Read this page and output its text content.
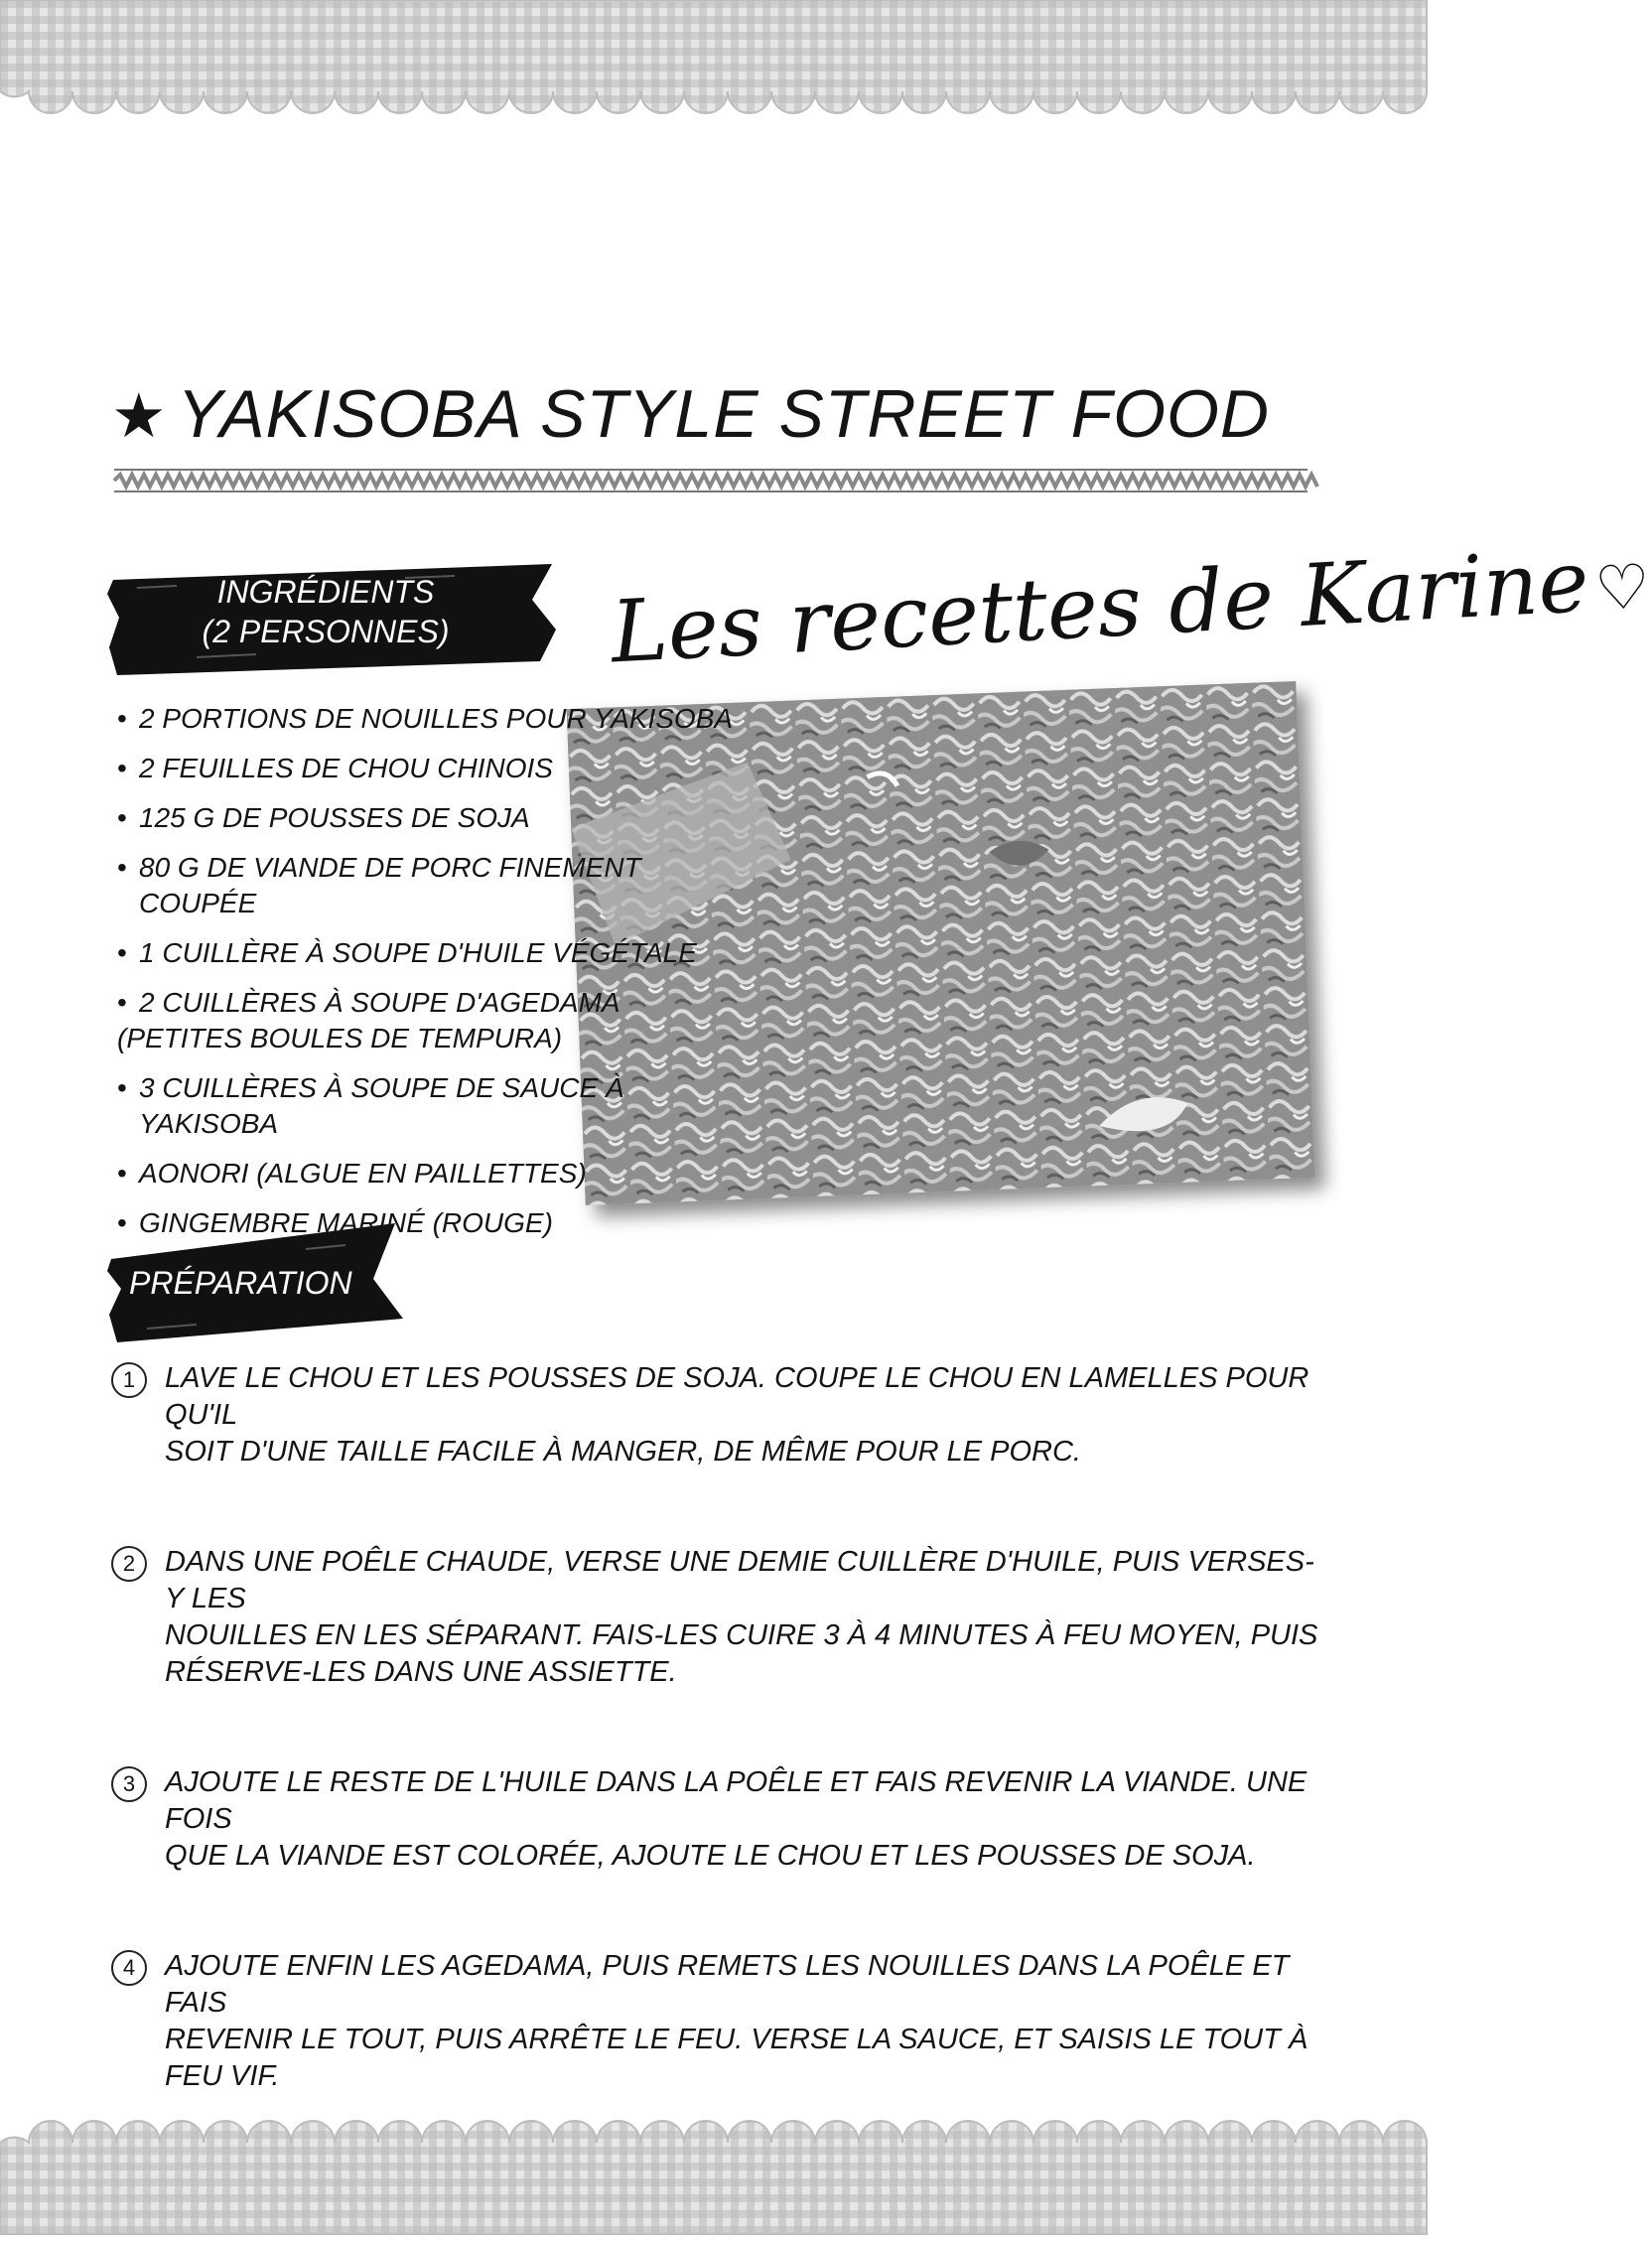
★ YAKISOBA STYLE STREET FOOD
Les recettes de Karine♡
INGRÉDIENTS
(2 PERSONNES)
• 2 PORTIONS DE NOUILLES POUR YAKISOBA
• 2 FEUILLES DE CHOU CHINOIS
• 125 G DE POUSSES DE SOJA
• 80 G DE VIANDE DE PORC FINEMENT COUPÉE
• 1 CUILLÈRE À SOUPE D'HUILE VÉGÉTALE
• 2 CUILLÈRES À SOUPE D'AGEDAMA
(PETITES BOULES DE TEMPURA)
• 3 CUILLÈRES À SOUPE DE SAUCE À YAKISOBA
• AONORI (ALGUE EN PAILLETTES)
• GINGEMBRE MARINÉ (ROUGE)
PRÉPARATION
1	LAVE LE CHOU ET LES POUSSES DE SOJA. COUPE LE CHOU EN LAMELLES POUR QU'IL
SOIT D'UNE TAILLE FACILE À MANGER, DE MÊME POUR LE PORC.
2	DANS UNE POÊLE CHAUDE, VERSE UNE DEMIE CUILLÈRE D'HUILE, PUIS VERSES-Y LES
NOUILLES EN LES SÉPARANT. FAIS-LES CUIRE 3 À 4 MINUTES À FEU MOYEN, PUIS
RÉSERVE-LES DANS UNE ASSIETTE.
3	AJOUTE LE RESTE DE L'HUILE DANS LA POÊLE ET FAIS REVENIR LA VIANDE. UNE FOIS
QUE LA VIANDE EST COLORÉE, AJOUTE LE CHOU ET LES POUSSES DE SOJA.
4	AJOUTE ENFIN LES AGEDAMA, PUIS REMETS LES NOUILLES DANS LA POÊLE ET FAIS
REVENIR LE TOUT, PUIS ARRÊTE LE FEU. VERSE LA SAUCE, ET SAISIS LE TOUT À FEU VIF.
